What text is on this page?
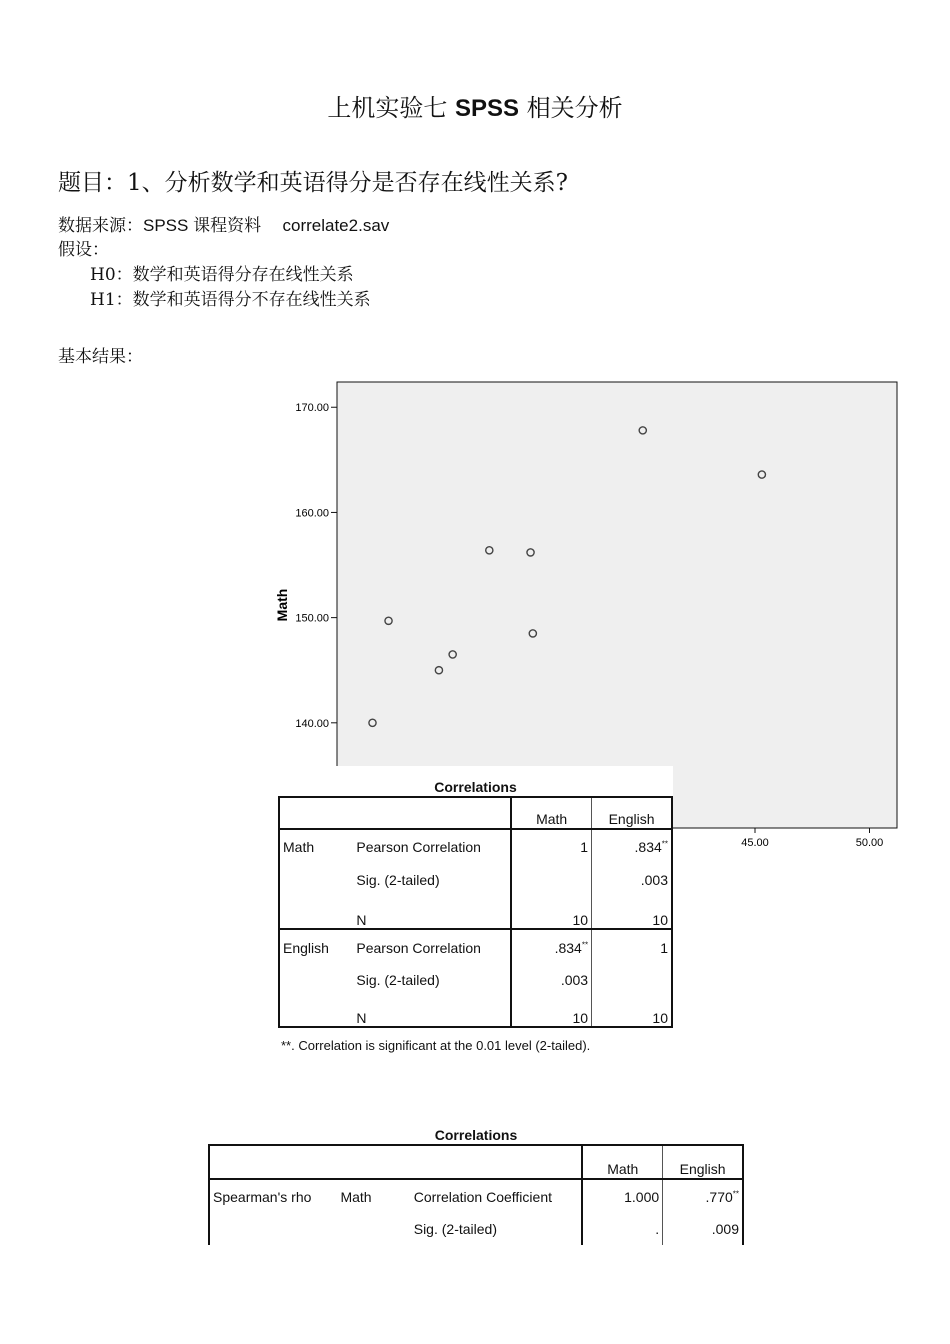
上机实验七 SPSS 相关分析
题目：1、分析数学和英语得分是否存在线性关系?
数据来源：SPSS 课程资料 correlate2.sav
假设：
H0：数学和英语得分存在线性关系
H1：数学和英语得分不存在线性关系
基本结果：
140.00
150.00
160.00
170.00
45.00	50.00
Math
Correlations
		Math	English
Math	Pearson Correlation	1	.834**
	Sig. (2-tailed)		.003
	N	10	10
English	Pearson Correlation	.834**	1
	Sig. (2-tailed)	.003	
	N	10	10
**. Correlation is significant at the 0.01 level (2-tailed).
Correlations
			Math	English
Spearman's rho	Math	Correlation Coefficient	1.000	.770**
		Sig. (2-tailed)	.	.009
